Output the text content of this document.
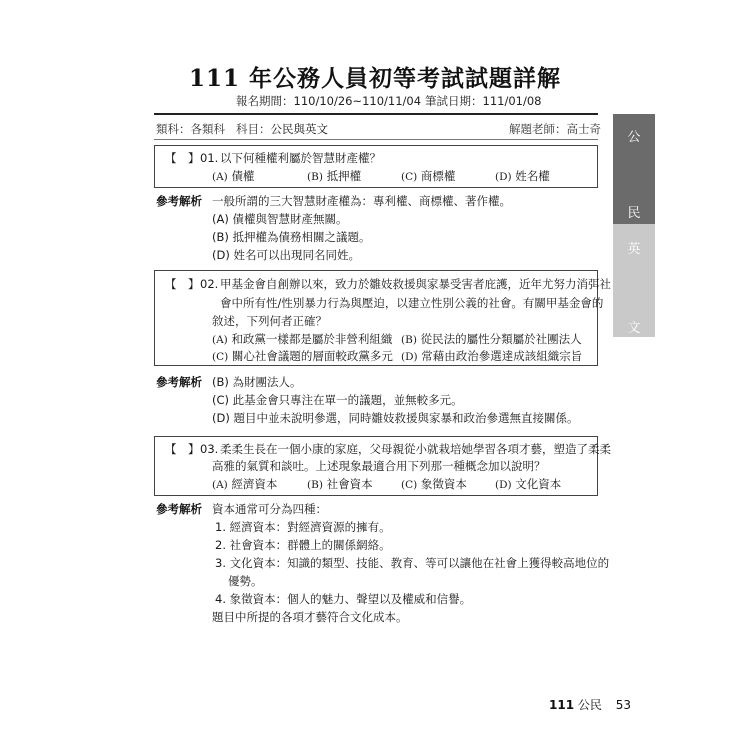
111 年公務人員初等考試試題詳解
報名期間：110/10/26~110/11/04 筆試日期：111/01/08
類科：各類科 科目：公民與英文	解題老師：高士奇
公
民
英
文
【　】 01. 以下何種權利屬於智慧財產權？
(A) 債權	(B) 抵押權	(C) 商標權	(D) 姓名權
參考解析 一般所謂的三大智慧財產權為：專利權、商標權、著作權。
(A) 債權與智慧財產無關。
(B) 抵押權為債務相關之議題。
(D) 姓名可以出現同名同姓。
【　】 02. 甲基金會自創辦以來，致力於雛妓救援與家暴受害者庇護，近年尤努力消弭社
會中所有性/性別暴力行為與壓迫，以建立性別公義的社會。有關甲基金會的
敘述，下列何者正確？
(A) 和政黨一樣都是屬於非營利組織 (B) 從民法的屬性分類屬於社團法人
(C) 關心社會議題的層面較政黨多元 (D) 常藉由政治參選達成該組織宗旨
參考解析 (B) 為財團法人。
(C) 此基金會只專注在單一的議題，並無較多元。
(D) 題目中並未說明參選，同時雛妓救援與家暴和政治參選無直接關係。
【　】 03. 柔柔生長在一個小康的家庭，父母親從小就栽培她學習各項才藝，塑造了柔柔
高雅的氣質和談吐。上述現象最適合用下列那一種概念加以說明？
(A) 經濟資本	(B) 社會資本	(C) 象徵資本	(D) 文化資本
參考解析 資本通常可分為四種：
1. 經濟資本：對經濟資源的擁有。
2. 社會資本：群體上的關係網絡。
3. 文化資本：知識的類型、技能、教育、等可以讓他在社會上獲得較高地位的
優勢。
4. 象徵資本：個人的魅力、聲望以及權威和信譽。
題目中所提的各項才藝符合文化成本。
111 公民 53
